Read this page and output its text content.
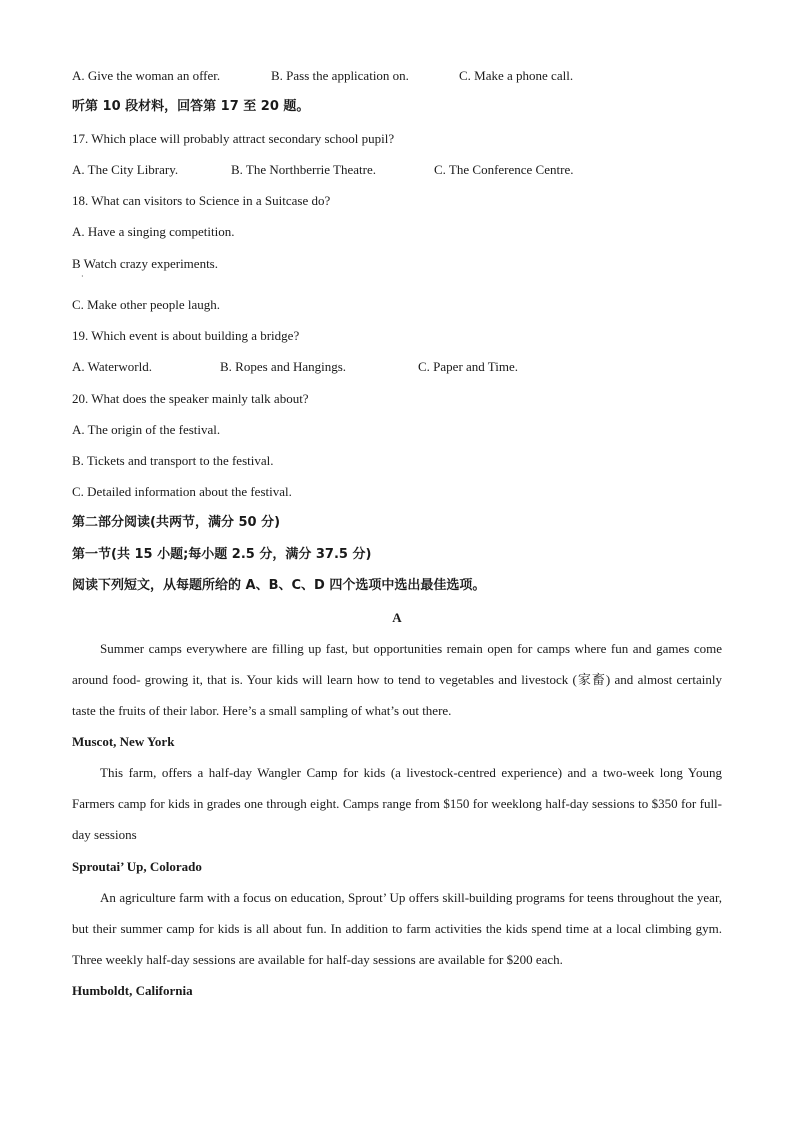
A. Give the woman an offer.	B. Pass the application on.	C. Make a phone call.
听第 10 段材料，回答第 17 至 20 题。
17. Which place will probably attract secondary school pupil?
A. The City Library.	B. The Northberrie Theatre.	C. The Conference Centre.
18. What can visitors to Science in a Suitcase do?
A. Have a singing competition.
B Watch crazy experiments.
·
C. Make other people laugh.
19. Which event is about building a bridge?
A. Waterworld.	B. Ropes and Hangings.	C. Paper and Time.
20. What does the speaker mainly talk about?
A. The origin of the festival.
B. Tickets and transport to the festival.
C. Detailed information about the festival.
第二部分阅读(共两节，满分 50 分)
第一节(共 15 小题;每小题 2.5 分，满分 37.5 分)
阅读下列短文，从每题所给的 A、B、C、D 四个选项中选出最佳选项。
A
Summer camps everywhere are filling up fast, but opportunities remain open for camps where fun and games come around food- growing it, that is. Your kids will learn how to tend to vegetables and livestock (家畜) and almost certainly taste the fruits of their labor. Here’s a small sampling of what’s out there.
Muscot, New York
This farm, offers a half-day Wangler Camp for kids (a livestock-centred experience) and a two-week long Young Farmers camp for kids in grades one through eight. Camps range from $150 for weeklong half-day sessions to $350 for full-day sessions
Sproutai’ Up, Colorado
An agriculture farm with a focus on education, Sprout’ Up offers skill-building programs for teens throughout the year, but their summer camp for kids is all about fun. In addition to farm activities the kids spend time at a local climbing gym. Three weekly half-day sessions are available for half-day sessions are available for $200 each.
Humboldt, California
